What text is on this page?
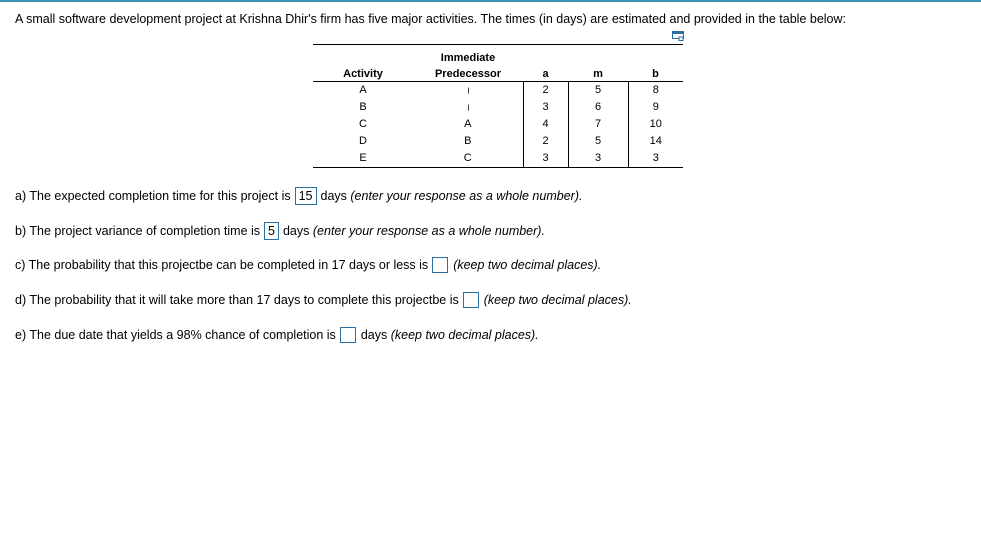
A small software development project at Krishna Dhir's firm has five major activities. The times (in days) are estimated and provided in the table below:
	Immediate			
Activity	Predecessor	a	m	b
A	–	2	5	8
B	–	3	6	9
C	A	4	7	10
D	B	2	5	14
E	C	3	3	3
a) The expected completion time for this project is 15 days
(enter your response as a whole number).
b) The project variance of completion time is 5 days
(enter your response as a whole number).
c) The probability that this projectbe can be completed in 17 days or less is (keep two decimal places).
d) The probability that it will take more than 17 days to complete this projectbe is (keep two decimal places).
e) The due date that yields a 98% chance of completion is days
(keep two decimal places).
